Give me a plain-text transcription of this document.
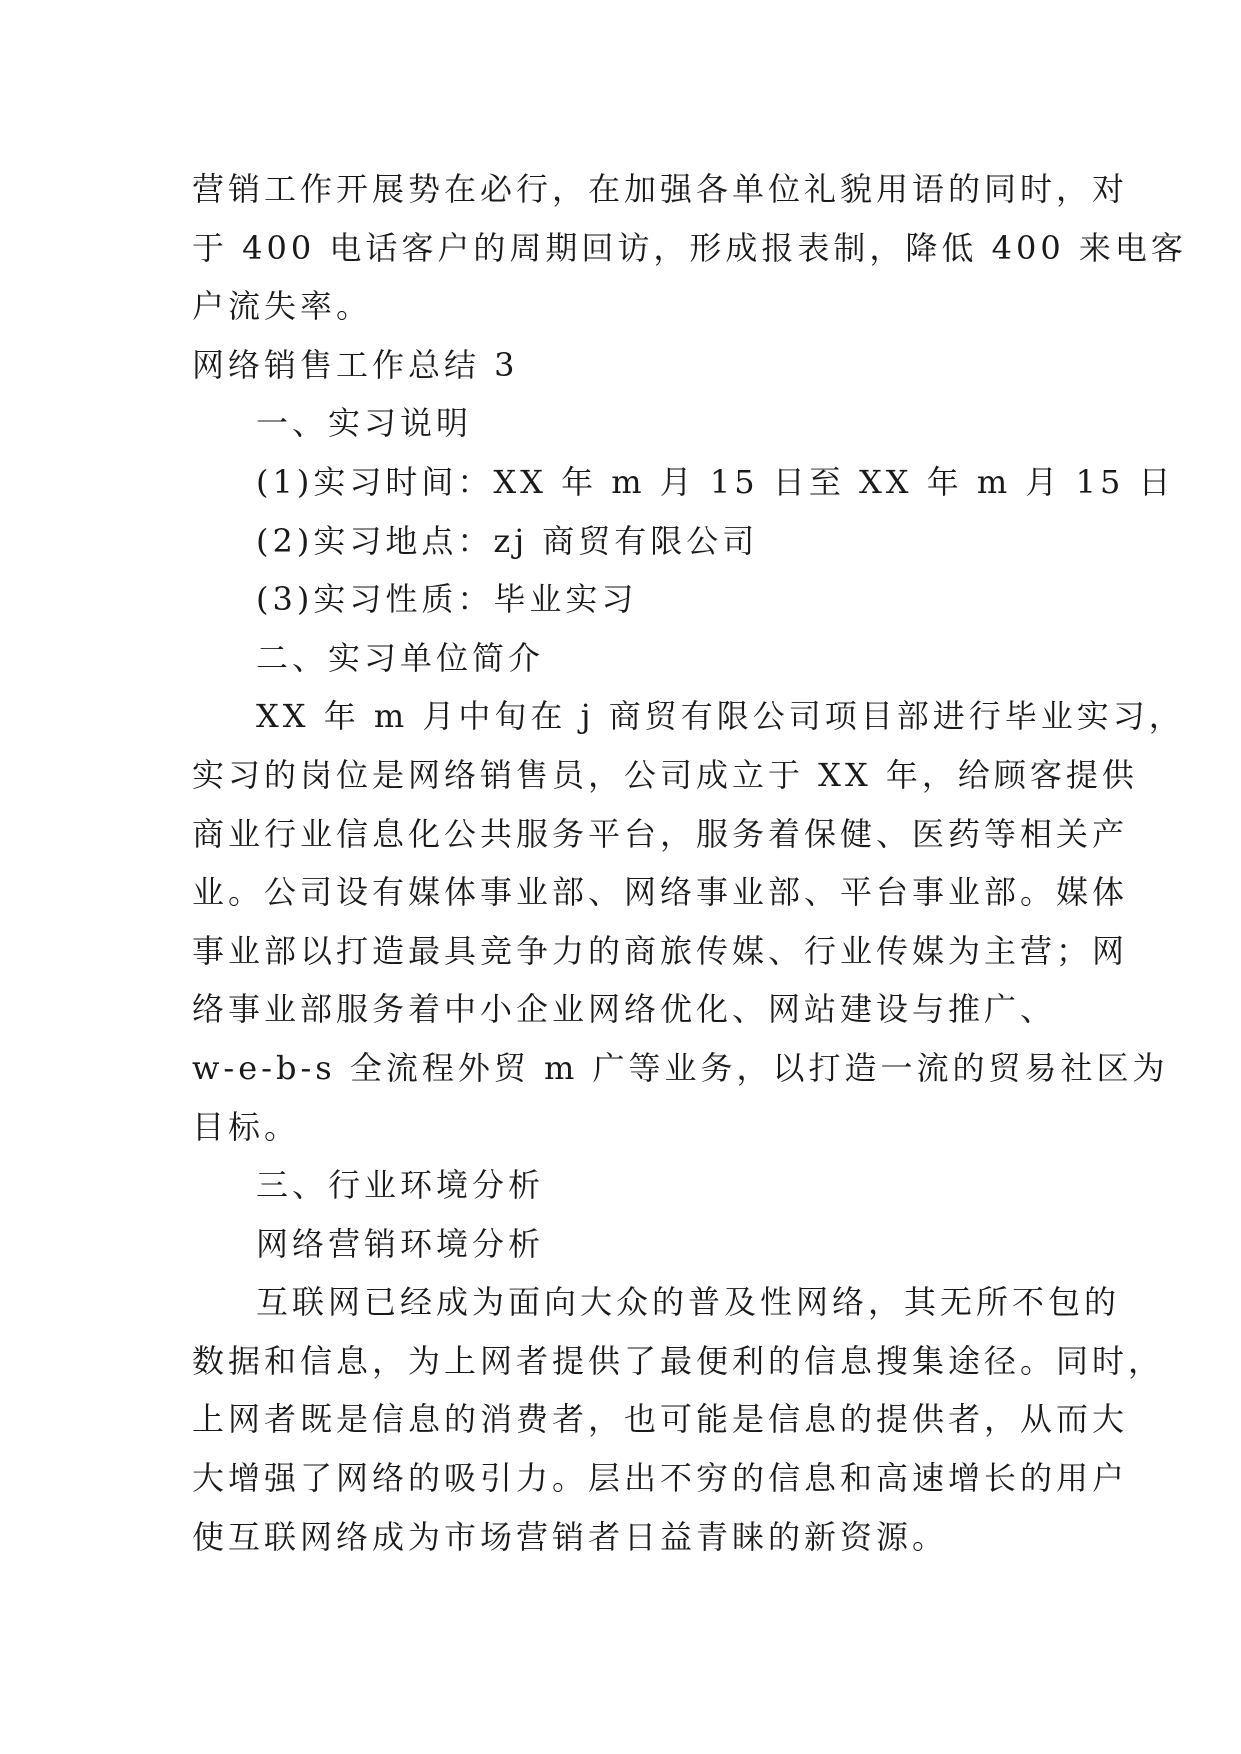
营销工作开展势在必行，在加强各单位礼貌用语的同时，对
于 400 电话客户的周期回访，形成报表制，降低 400 来电客
户流失率。
网络销售工作总结 3
一、实习说明
(1)实习时间：XX 年 m 月 15 日至 XX 年 m 月 15 日
(2)实习地点：zj 商贸有限公司
(3)实习性质：毕业实习
二、实习单位简介
XX 年 m 月中旬在 j 商贸有限公司项目部进行毕业实习，
实习的岗位是网络销售员，公司成立于 XX 年，给顾客提供
商业行业信息化公共服务平台，服务着保健、医药等相关产
业。公司设有媒体事业部、网络事业部、平台事业部。媒体
事业部以打造最具竞争力的商旅传媒、行业传媒为主营；网
络事业部服务着中小企业网络优化、网站建设与推广、
w-e-b-s 全流程外贸 m 广等业务，以打造一流的贸易社区为
目标。
三、行业环境分析
网络营销环境分析
互联网已经成为面向大众的普及性网络，其无所不包的
数据和信息，为上网者提供了最便利的信息搜集途径。同时，
上网者既是信息的消费者，也可能是信息的提供者，从而大
大增强了网络的吸引力。层出不穷的信息和高速增长的用户
使互联网络成为市场营销者日益青睐的新资源。
